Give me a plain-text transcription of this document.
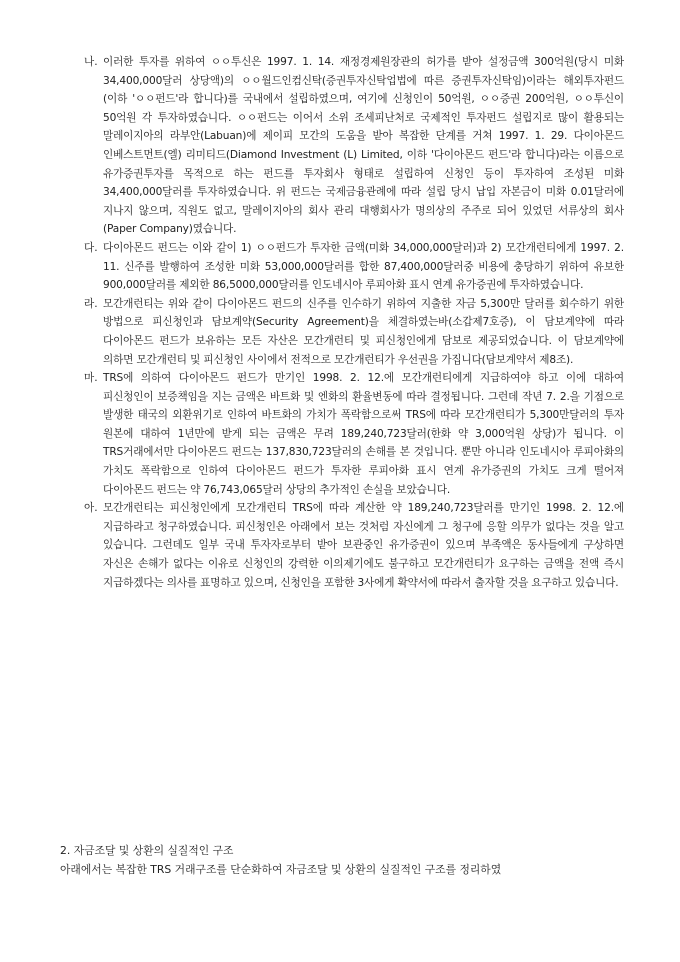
나. 이러한 투자를 위하여 ㅇㅇ투신은 1997. 1. 14. 재정경제원장관의 허가를 받아 설정금액 300억원(당시 미화 34,400,000달러 상당액)의 ㅇㅇ월드인컴신탁(증권투자신탁업법에 따른 증권투자신탁임)이라는 해외투자펀드(이하 'ㅇㅇ펀드'라 합니다)를 국내에서 설립하였으며, 여기에 신청인이 50억원, ㅇㅇ증권 200억원, ㅇㅇ투신이 50억원 각 투자하였습니다. ㅇㅇ펀드는 이어서 소위 조세피난처로 국제적인 투자펀드 설립지로 많이 활용되는 말레이지아의 라부안(Labuan)에 제이피 모간의 도움을 받아 복잡한 단계를 거쳐 1997. 1. 29. 다이아몬드 인베스트먼트(엘) 리미티드(Diamond Investment (L) Limited, 이하 '다이아몬드 펀드'라 합니다)라는 이름으로 유가증권투자를 목적으로 하는 펀드를 투자회사 형태로 설립하여 신청인 등이 투자하여 조성된 미화 34,400,000달러를 투자하였습니다. 위 펀드는 국제금융관례에 따라 설립 당시 납입 자본금이 미화 0.01달러에 지나지 않으며, 직원도 없고, 말레이지아의 회사 관리 대행회사가 명의상의 주주로 되어 있었던 서류상의 회사(Paper Company)였습니다.
다. 다이아몬드 펀드는 이와 같이 1) ㅇㅇ펀드가 투자한 금액(미화 34,000,000달러)과 2) 모간개런티에게 1997. 2. 11. 신주를 발행하여 조성한 미화 53,000,000달러를 합한 87,400,000달러중 비용에 충당하기 위하여 유보한 900,000달러를 제외한 86,5000,000달러를 인도네시아 루피아화 표시 연계 유가증권에 투자하였습니다.
라. 모간개런티는 위와 같이 다이아몬드 펀드의 신주를 인수하기 위하여 지출한 자금 5,300만 달러를 회수하기 위한 방법으로 피신청인과 담보계약(Security Agreement)을 체결하였는바(소갑제7호증), 이 담보계약에 따라 다이아몬드 펀드가 보유하는 모든 자산은 모간개런티 및 피신청인에게 담보로 제공되었습니다. 이 담보계약에 의하면 모간개런티 및 피신청인 사이에서 전적으로 모간개런티가 우선권을 가집니다(담보계약서 제8조).
마. TRS에 의하여 다이아몬드 펀드가 만기인 1998. 2. 12.에 모간개런티에게 지급하여야 하고 이에 대하여 피신청인이 보증책임을 지는 금액은 바트화 및 엔화의 환율변동에 따라 결정됩니다. 그런데 작년 7. 2.을 기점으로 발생한 태국의 외환위기로 인하여 바트화의 가치가 폭락함으로써 TRS에 따라 모간개런티가 5,300만달러의 투자 원본에 대하여 1년만에 받게 되는 금액은 무려 189,240,723달러(한화 약 3,000억원 상당)가 됩니다. 이 TRS거래에서만 다이아몬드 펀드는 137,830,723달러의 손해를 본 것입니다. 뿐만 아니라 인도네시아 루피아화의 가치도 폭락함으로 인하여 다이아몬드 펀드가 투자한 루피아화 표시 연계 유가증권의 가치도 크게 떨어져 다이아몬드 펀드는 약 76,743,065달러 상당의 추가적인 손실을 보았습니다.
아. 모간개런티는 피신청인에게 모간개런티 TRS에 따라 계산한 약 189,240,723달러를 만기인 1998. 2. 12.에 지급하라고 청구하였습니다. 피신청인은 아래에서 보는 것처럼 자신에게 그 청구에 응할 의무가 없다는 것을 알고 있습니다. 그런데도 일부 국내 투자자로부터 받아 보관중인 유가증권이 있으며 부족액은 동사들에게 구상하면 자신은 손해가 없다는 이유로 신청인의 강력한 이의제기에도 불구하고 모간개런티가 요구하는 금액을 전액 즉시 지급하겠다는 의사를 표명하고 있으며, 신청인을 포함한 3사에게 확약서에 따라서 출자할 것을 요구하고 있습니다.
2. 자금조달 및 상환의 실질적인 구조
아래에서는 복잡한 TRS 거래구조를 단순화하여 자금조달 및 상환의 실질적인 구조를 정리하였
